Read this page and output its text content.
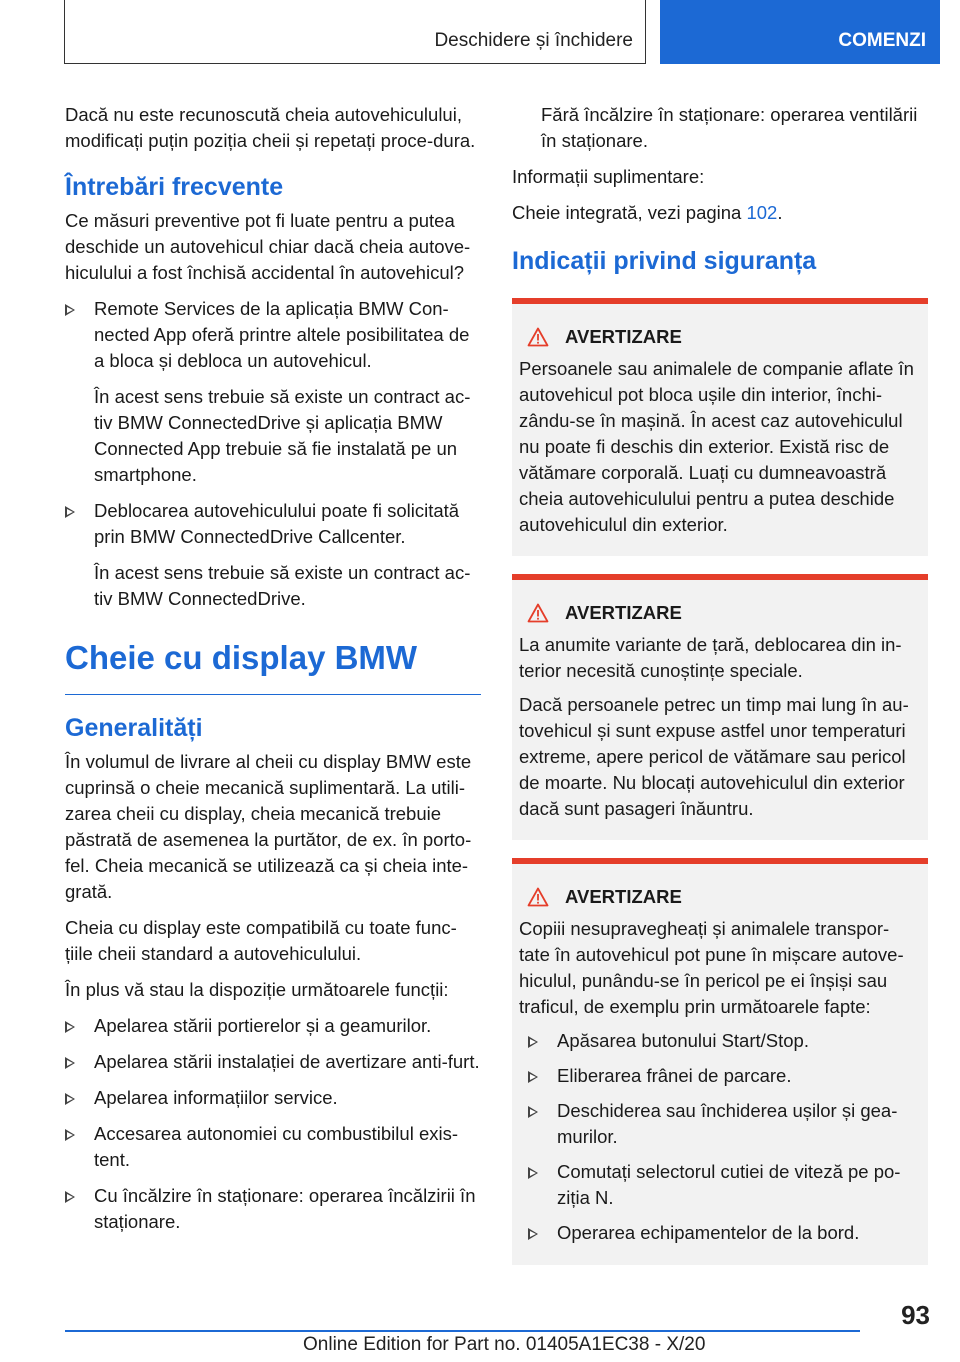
Deschidere și închidere	COMENZI

Dacă nu este recunoscută cheia autovehiculului, modificați puțin poziția cheii și repetați proce-dura.

Întrebări frecvente

Ce măsuri preventive pot fi luate pentru a putea deschide un autovehicul chiar dacă cheia autove-hiculului a fost închisă accidental în autovehicul?

Remote Services de la aplicația BMW Con-nected App oferă printre altele posibilitatea de a bloca și debloca un autovehicul.
În acest sens trebuie să existe un contract ac-tiv BMW ConnectedDrive și aplicația BMW Connected App trebuie să fie instalată pe un smartphone.
Deblocarea autovehiculului poate fi solicitată prin BMW ConnectedDrive Callcenter.
În acest sens trebuie să existe un contract ac-tiv BMW ConnectedDrive.
Cheie cu display BMW
Generalități

În volumul de livrare al cheii cu display BMW este cuprinsă o cheie mecanică suplimentară. La utili-zarea cheii cu display, cheia mecanică trebuie păstrată de asemenea la purtător, de ex. în porto-fel. Cheia mecanică se utilizează ca și cheia inte-grată.

Cheia cu display este compatibilă cu toate func-țiile cheii standard a autovehiculului.

În plus vă stau la dispoziție următoarele funcții:

Apelarea stării portierelor și a geamurilor.
Apelarea stării instalației de avertizare anti-furt.
Apelarea informațiilor service.
Accesarea autonomiei cu combustibilul exis-tent.
Cu încălzire în staționare: operarea încălzirii în staționare.

Fără încălzire în staționare: operarea ventilării în staționare.

Informații suplimentare:

Cheie integrată, vezi pagina 102.

Indicații privind siguranța
AVERTIZARE

Persoanele sau animalele de companie aflate în autovehicul pot bloca ușile din interior, închi-zându-se în mașină. În acest caz autovehiculul nu poate fi deschis din exterior. Există risc de vătămare corporală. Luați cu dumneavoastră cheia autovehiculului pentru a putea deschide autovehiculul din exterior.

AVERTIZARE

La anumite variante de țară, deblocarea din in-terior necesită cunoștințe speciale.

Dacă persoanele petrec un timp mai lung în au-tovehicul și sunt expuse astfel unor temperaturi extreme, apere pericol de vătămare sau pericol de moarte. Nu blocați autovehiculul din exterior dacă sunt pasageri înăuntru.

AVERTIZARE

Copiii nesupravegheați și animalele transpor-tate în autovehicul pot pune în mișcare autove-hiculul, punându-se în pericol pe ei înșiși sau traficul, de exemplu prin următoarele fapte:

Apăsarea butonului Start/Stop.
Eliberarea frânei de parcare.
Deschiderea sau închiderea ușilor și gea-murilor.
Comutați selectorul cutiei de viteză pe po-ziția N.
Operarea echipamentelor de la bord.
93
Online Edition for Part no. 01405A1EC38 - X/20
